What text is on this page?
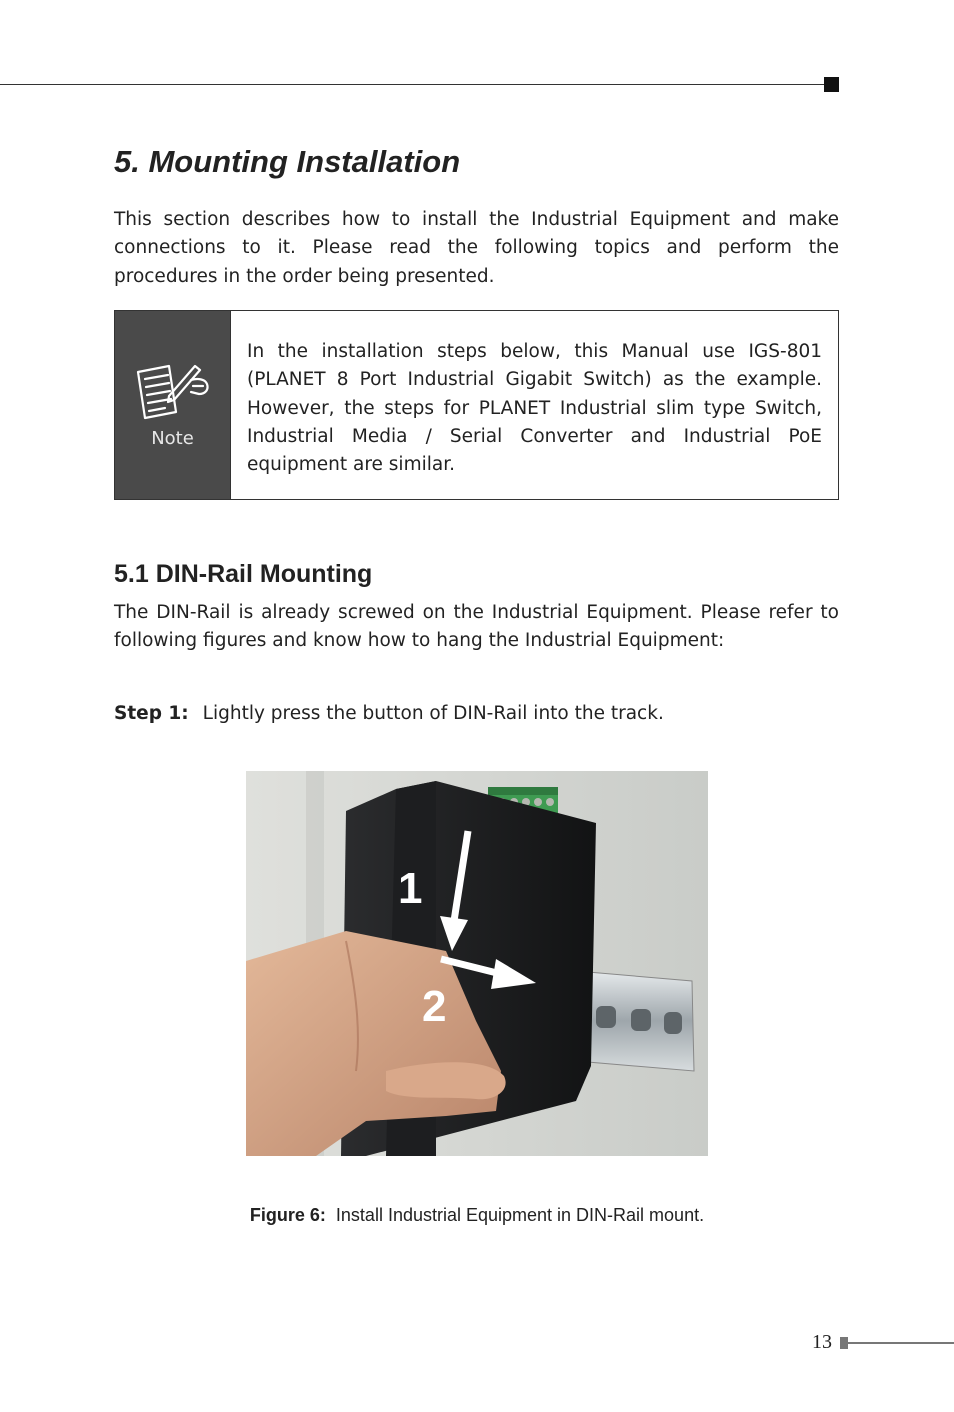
5. Mounting Installation

This section describes how to install the Industrial Equipment and make connections to it. Please read the following topics and perform the procedures in the order being presented.

Note
In the installation steps below, this Manual use IGS-801 (PLANET 8 Port Industrial Gigabit Switch) as the example. However, the steps for PLANET Industrial slim type Switch, Industrial Media / Serial Converter and Industrial PoE equipment are similar.
5.1 DIN-Rail Mounting

The DIN-Rail is already screwed on the Industrial Equipment. Please refer to following figures and know how to hang the Industrial Equipment:

Step 1: Lightly press the button of DIN-Rail into the track.

1
2
Figure 6: Install Industrial Equipment in DIN-Rail mount.
13
